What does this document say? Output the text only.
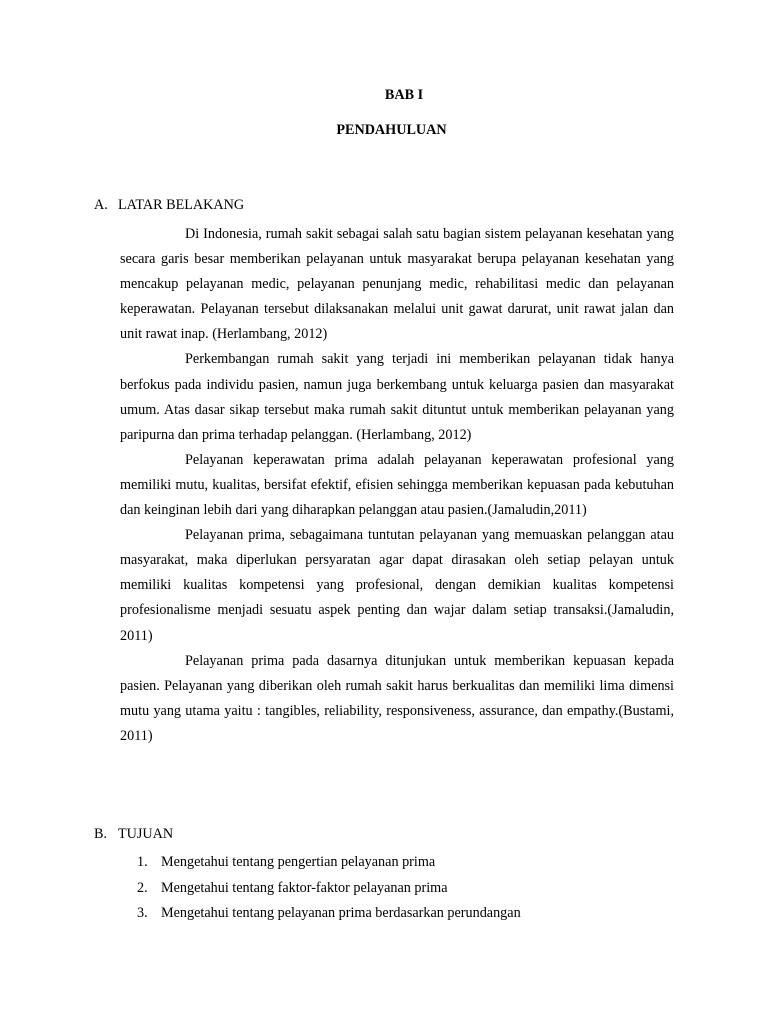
BAB I
PENDAHULUAN
A. LATAR BELAKANG

Di Indonesia, rumah sakit sebagai salah satu bagian sistem pelayanan kesehatan yang secara garis besar memberikan pelayanan untuk masyarakat berupa pelayanan kesehatan yang mencakup pelayanan medic, pelayanan penunjang medic, rehabilitasi medic dan pelayanan keperawatan. Pelayanan tersebut dilaksanakan melalui unit gawat darurat, unit rawat jalan dan unit rawat inap. (Herlambang, 2012)

Perkembangan rumah sakit yang terjadi ini memberikan pelayanan tidak hanya berfokus pada individu pasien, namun juga berkembang untuk keluarga pasien dan masyarakat umum. Atas dasar sikap tersebut maka rumah sakit dituntut untuk memberikan pelayanan yang paripurna dan prima terhadap pelanggan. (Herlambang, 2012)

Pelayanan keperawatan prima adalah pelayanan keperawatan profesional yang memiliki mutu, kualitas, bersifat efektif, efisien sehingga memberikan kepuasan pada kebutuhan dan keinginan lebih dari yang diharapkan pelanggan atau pasien.(Jamaludin,2011)

Pelayanan prima, sebagaimana tuntutan pelayanan yang memuaskan pelanggan atau masyarakat, maka diperlukan persyaratan agar dapat dirasakan oleh setiap pelayan untuk memiliki kualitas kompetensi yang profesional, dengan demikian kualitas kompetensi profesionalisme menjadi sesuatu aspek penting dan wajar dalam setiap transaksi.(Jamaludin, 2011)

Pelayanan prima pada dasarnya ditunjukan untuk memberikan kepuasan kepada pasien. Pelayanan yang diberikan oleh rumah sakit harus berkualitas dan memiliki lima dimensi mutu yang utama yaitu : tangibles, reliability, responsiveness, assurance, dan empathy.(Bustami, 2011)

B. TUJUAN
1. Mengetahui tentang pengertian pelayanan prima
2. Mengetahui tentang faktor-faktor pelayanan prima
3. Mengetahui tentang pelayanan prima berdasarkan perundangan
